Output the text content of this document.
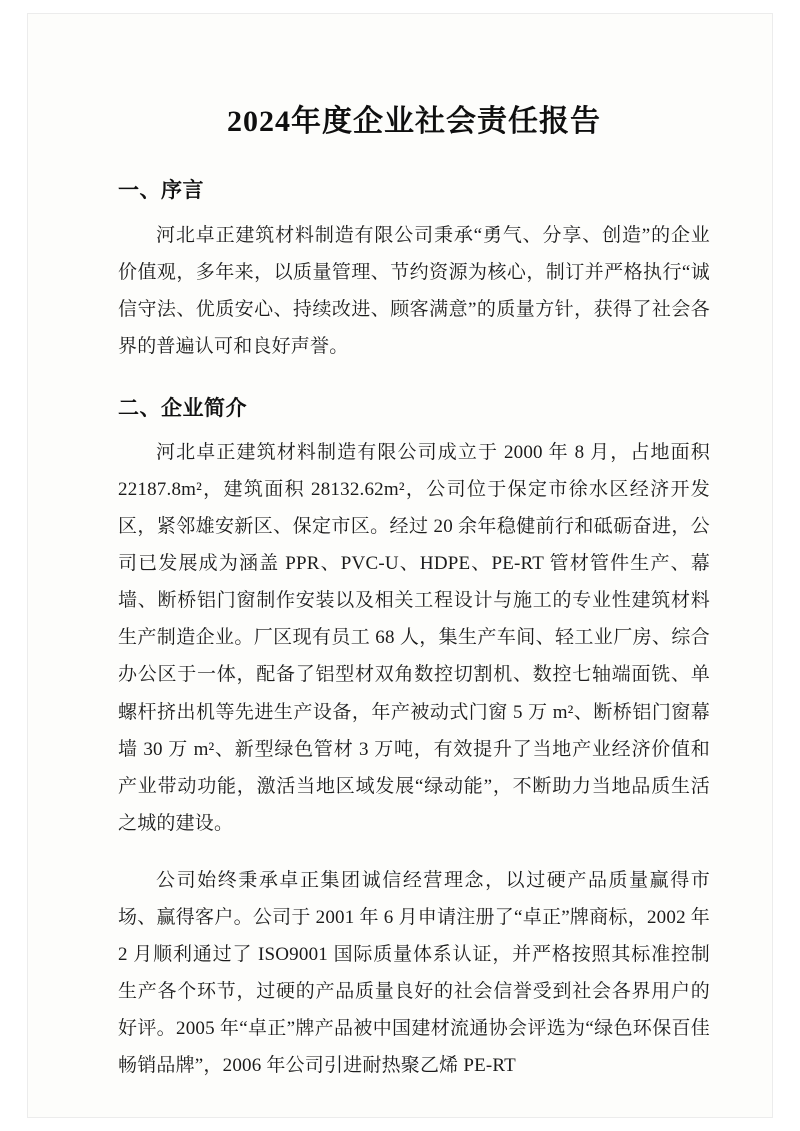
2024年度企业社会责任报告
一、序言

河北卓正建筑材料制造有限公司秉承“勇气、分享、创造”的企业价值观，多年来，以质量管理、节约资源为核心，制订并严格执行“诚信守法、优质安心、持续改进、顾客满意”的质量方针，获得了社会各界的普遍认可和良好声誉。

二、企业简介

河北卓正建筑材料制造有限公司成立于 2000 年 8 月，占地面积 22187.8m²，建筑面积 28132.62m²，公司位于保定市徐水区经济开发区，紧邻雄安新区、保定市区。经过 20 余年稳健前行和砥砺奋进，公司已发展成为涵盖 PPR、PVC-U、HDPE、PE-RT 管材管件生产、幕墙、断桥铝门窗制作安装以及相关工程设计与施工的专业性建筑材料生产制造企业。厂区现有员工 68 人，集生产车间、轻工业厂房、综合办公区于一体，配备了铝型材双角数控切割机、数控七轴端面铣、单螺杆挤出机等先进生产设备，年产被动式门窗 5 万 m²、断桥铝门窗幕墙 30 万 m²、新型绿色管材 3 万吨，有效提升了当地产业经济价值和产业带动功能，激活当地区域发展“绿动能”，不断助力当地品质生活之城的建设。

公司始终秉承卓正集团诚信经营理念，以过硬产品质量赢得市场、赢得客户。公司于 2001 年 6 月申请注册了“卓正”牌商标，2002 年 2 月顺利通过了 ISO9001 国际质量体系认证，并严格按照其标准控制生产各个环节，过硬的产品质量良好的社会信誉受到社会各界用户的好评。2005 年“卓正”牌产品被中国建材流通协会评选为“绿色环保百佳畅销品牌”，2006 年公司引进耐热聚乙烯 PE-RT
